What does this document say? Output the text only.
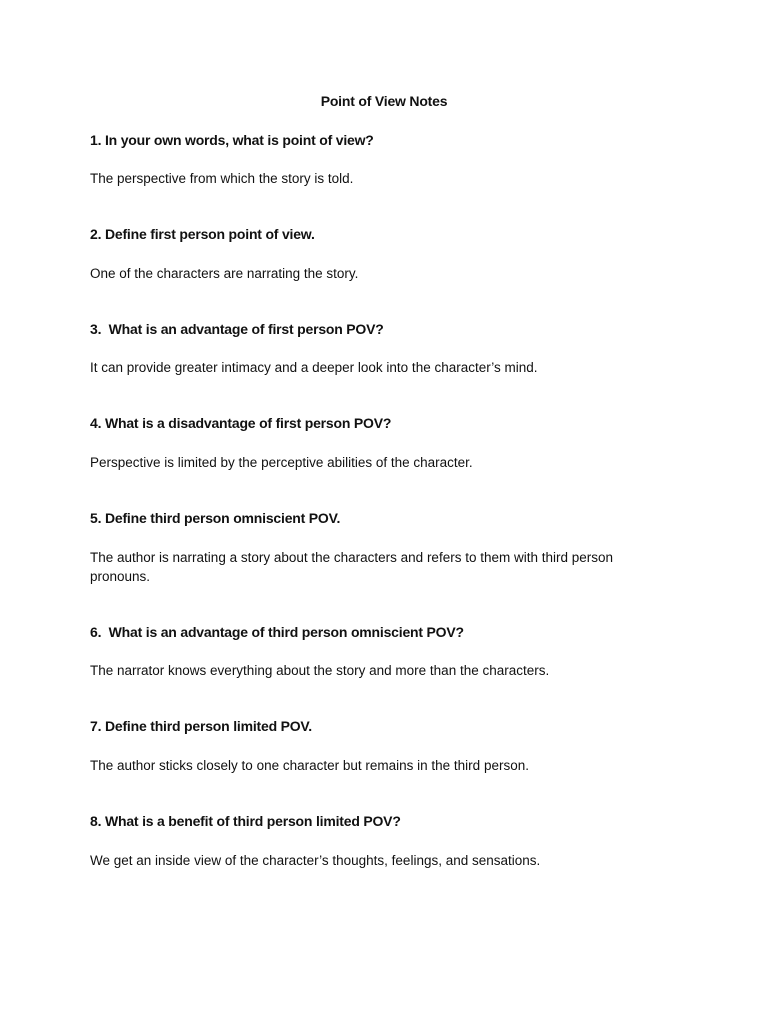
Point of View Notes

1. In your own words, what is point of view?

The perspective from which the story is told.

2. Define first person point of view.

One of the characters are narrating the story.

3.  What is an advantage of first person POV?

It can provide greater intimacy and a deeper look into the character’s mind.

4. What is a disadvantage of first person POV?

Perspective is limited by the perceptive abilities of the character.

5. Define third person omniscient POV.

The author is narrating a story about the characters and refers to them with third person pronouns.

6.  What is an advantage of third person omniscient POV?

The narrator knows everything about the story and more than the characters.

7. Define third person limited POV.

The author sticks closely to one character but remains in the third person.

8. What is a benefit of third person limited POV?

We get an inside view of the character’s thoughts, feelings, and sensations.
